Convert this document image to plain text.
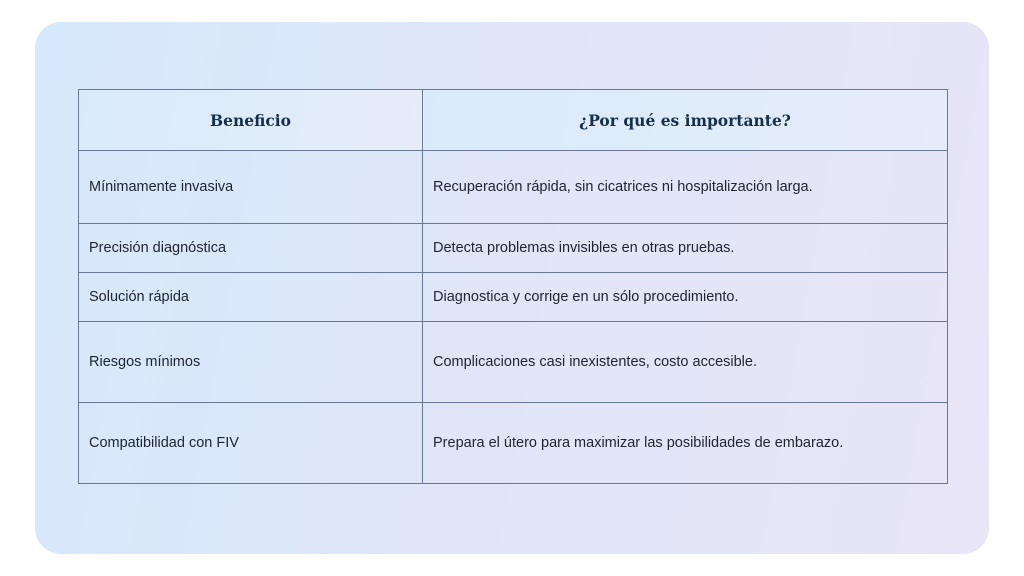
Beneficio	¿Por qué es importante?
Mínimamente invasiva	Recuperación rápida, sin cicatrices ni hospitalización larga.
Precisión diagnóstica	Detecta problemas invisibles en otras pruebas.
Solución rápida	Diagnostica y corrige en un sólo procedimiento.
Riesgos mínimos	Complicaciones casi inexistentes, costo accesible.
Compatibilidad con FIV	Prepara el útero para maximizar las posibilidades de embarazo.
